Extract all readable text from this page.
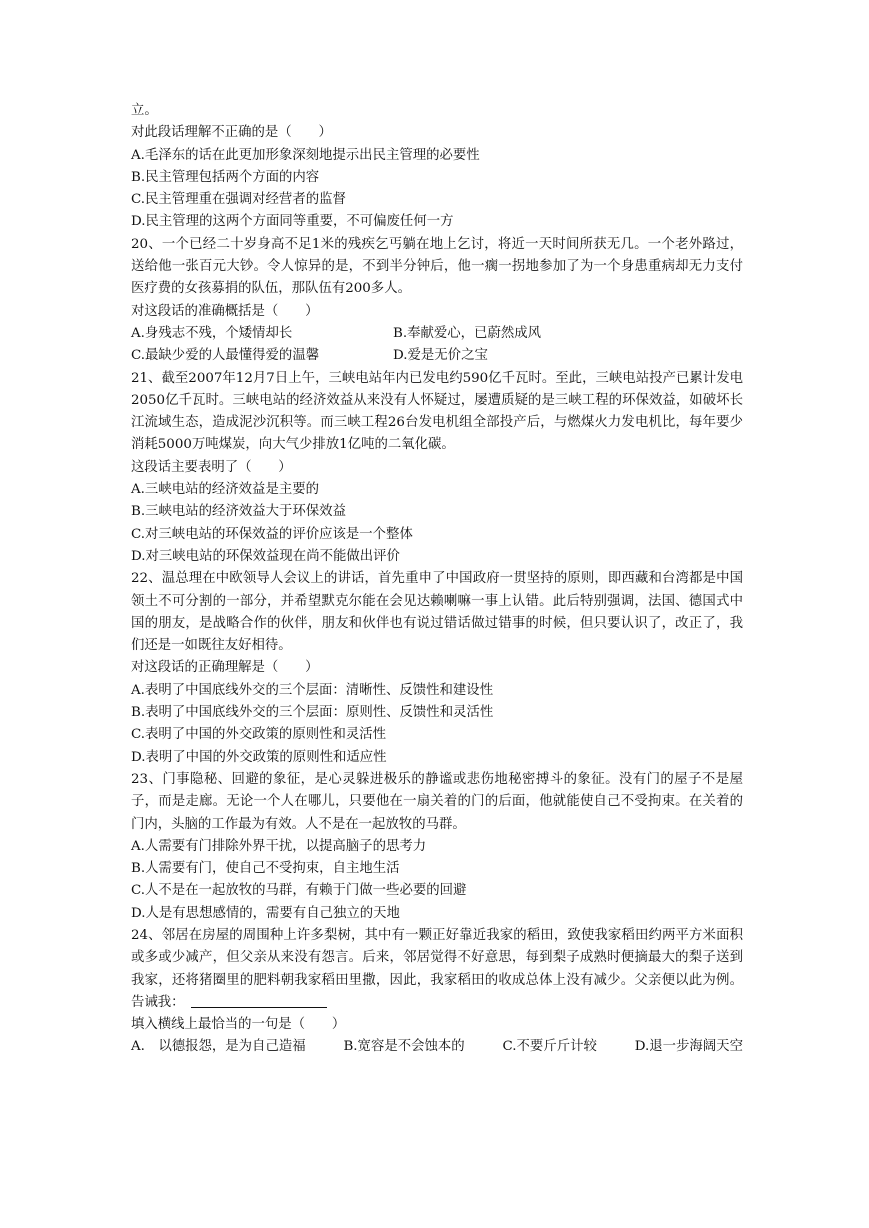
立。
对此段话理解不正确的是（　　）
A.毛泽东的话在此更加形象深刻地提示出民主管理的必要性
B.民主管理包括两个方面的内容
C.民主管理重在强调对经营者的监督
D.民主管理的这两个方面同等重要，不可偏废任何一方
20、一个已经二十岁身高不足1米的残疾乞丐躺在地上乞讨，将近一天时间所获无几。一个老外路过，送给他一张百元大钞。令人惊异的是，不到半分钟后，他一瘸一拐地参加了为一个身患重病却无力支付医疗费的女孩募捐的队伍，那队伍有200多人。
对这段话的准确概括是（　　）
A.身残志不残，个矮情却长	B.奉献爱心，已蔚然成风
C.最缺少爱的人最懂得爱的温馨	D.爱是无价之宝
21、截至2007年12月7日上午，三峡电站年内已发电约590亿千瓦时。至此，三峡电站投产已累计发电2050亿千瓦时。三峡电站的经济效益从来没有人怀疑过，屡遭质疑的是三峡工程的环保效益，如破坏长江流域生态，造成泥沙沉积等。而三峡工程26台发电机组全部投产后，与燃煤火力发电机比，每年要少消耗5000万吨煤炭，向大气少排放1亿吨的二氧化碳。
这段话主要表明了（　　）
A.三峡电站的经济效益是主要的
B.三峡电站的经济效益大于环保效益
C.对三峡电站的环保效益的评价应该是一个整体
D.对三峡电站的环保效益现在尚不能做出评价
22、温总理在中欧领导人会议上的讲话，首先重申了中国政府一贯坚持的原则，即西藏和台湾都是中国领土不可分割的一部分，并希望默克尔能在会见达赖喇嘛一事上认错。此后特别强调，法国、德国式中国的朋友，是战略合作的伙伴，朋友和伙伴也有说过错话做过错事的时候，但只要认识了，改正了，我们还是一如既往友好相待。
对这段话的正确理解是（　　）
A.表明了中国底线外交的三个层面：清晰性、反馈性和建设性
B.表明了中国底线外交的三个层面：原则性、反馈性和灵活性
C.表明了中国的外交政策的原则性和灵活性
D.表明了中国的外交政策的原则性和适应性
23、门事隐秘、回避的象征，是心灵躲进极乐的静谧或悲伤地秘密搏斗的象征。没有门的屋子不是屋子，而是走廊。无论一个人在哪儿，只要他在一扇关着的门的后面，他就能使自己不受拘束。在关着的门内，头脑的工作最为有效。人不是在一起放牧的马群。
A.人需要有门排除外界干扰，以提高脑子的思考力
B.人需要有门，使自己不受拘束，自主地生活
C.人不是在一起放牧的马群，有赖于门做一些必要的回避
D.人是有思想感情的，需要有自己独立的天地
24、邻居在房屋的周围种上许多梨树，其中有一颗正好靠近我家的稻田，致使我家稻田约两平方米面积或多或少减产，但父亲从来没有怨言。后来，邻居觉得不好意思，每到梨子成熟时便摘最大的梨子送到我家，还将猪圈里的肥料朝我家稻田里撒，因此，我家稻田的收成总体上没有减少。父亲便以此为例。告诫我：
填入横线上最恰当的一句是（　　）
A.　以德报怨，是为自己造福	B.宽容是不会蚀本的	C.不要斤斤计较	D.退一步海阔天空
